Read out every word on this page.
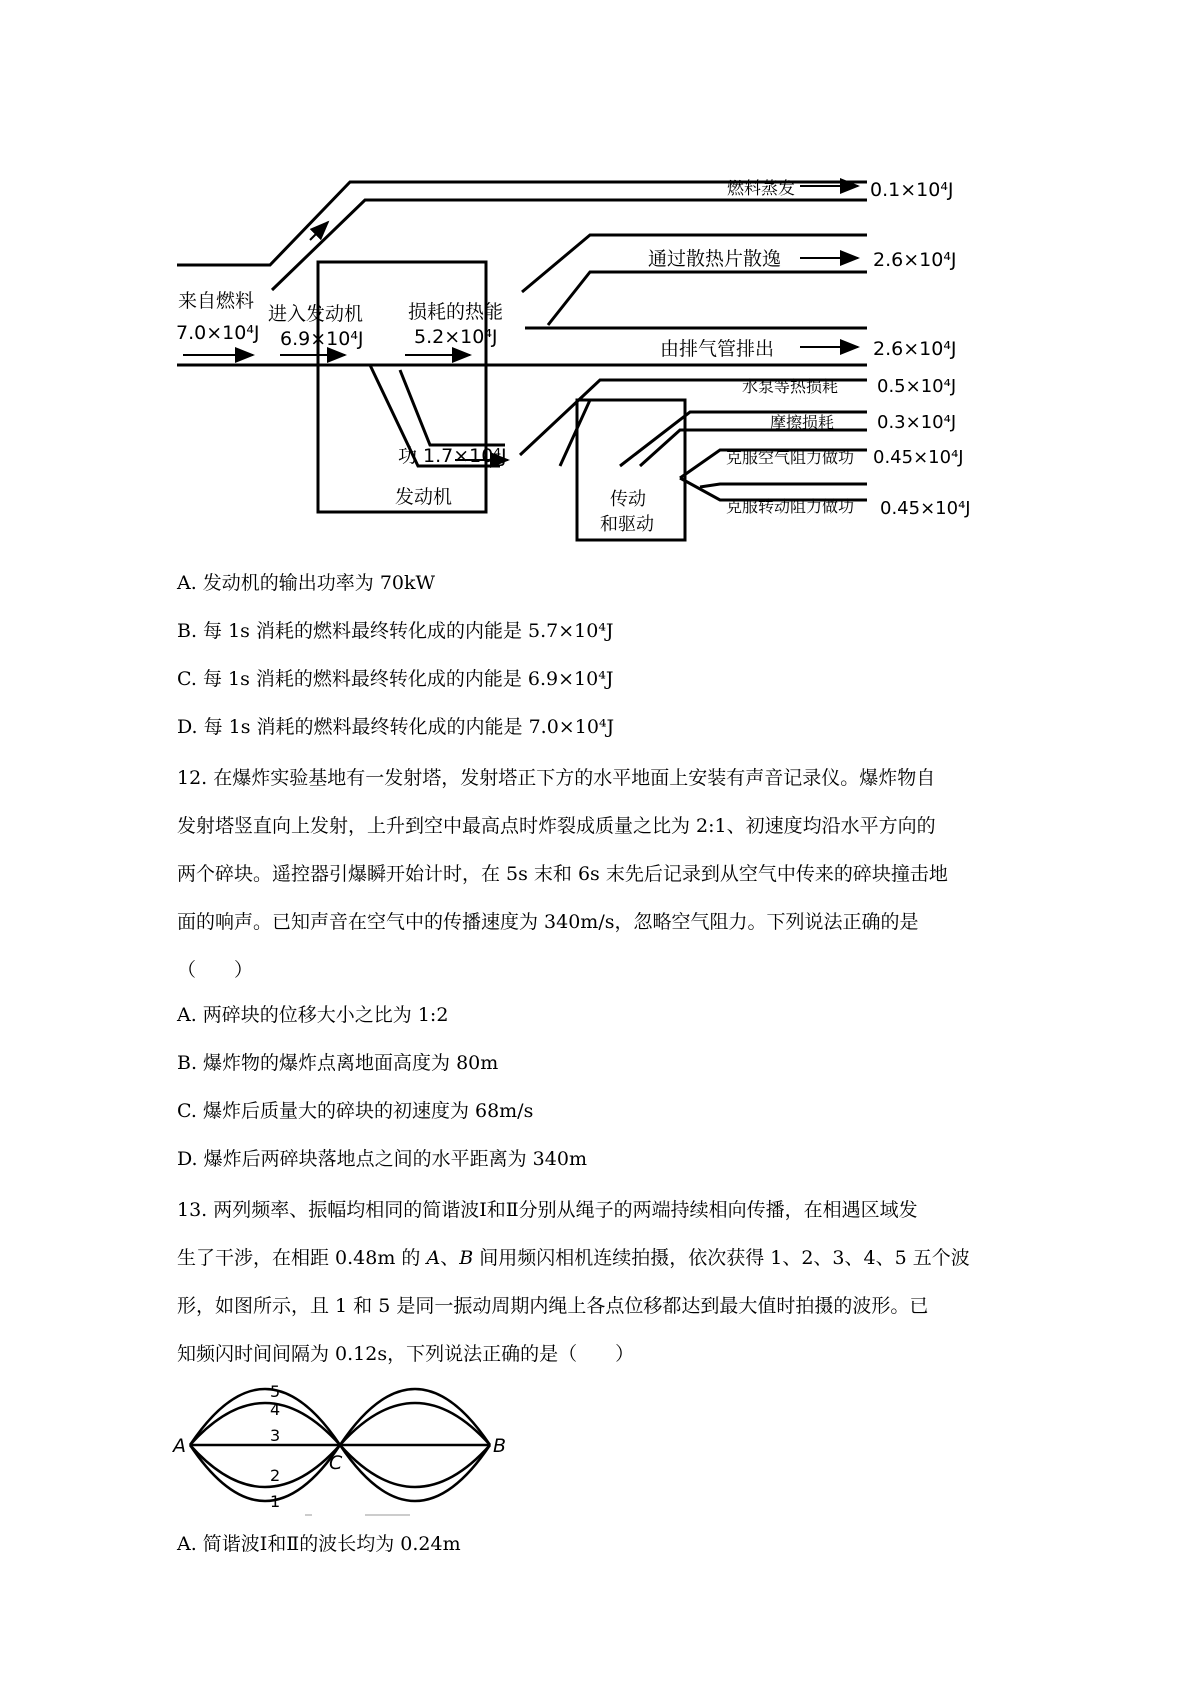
来自燃料
7.0×10⁴J
进入发动机
6.9×10⁴J
损耗的热能
5.2×10⁴J
功 1.7×10⁴J
发动机	传动
和驱动
燃料蒸发	0.1×10⁴J
通过散热片散逸	2.6×10⁴J
由排气管排出	2.6×10⁴J
水泵等热损耗 0.5×10⁴J
摩擦损耗 0.3×10⁴J
克服空气阻力做功 0.45×10⁴J
克服转动阻力做功 0.45×10⁴J
A. 发动机的输出功率为 70kW
B. 每 1s 消耗的燃料最终转化成的内能是 5.7×10⁴J
C. 每 1s 消耗的燃料最终转化成的内能是 6.9×10⁴J
D. 每 1s 消耗的燃料最终转化成的内能是 7.0×10⁴J
12. 在爆炸实验基地有一发射塔，发射塔正下方的水平地面上安装有声音记录仪。爆炸物自
发射塔竖直向上发射，上升到空中最高点时炸裂成质量之比为 2:1、初速度均沿水平方向的
两个碎块。遥控器引爆瞬开始计时，在 5s 末和 6s 末先后记录到从空气中传来的碎块撞击地
面的响声。已知声音在空气中的传播速度为 340m/s，忽略空气阻力。下列说法正确的是
（　　）
A. 两碎块的位移大小之比为 1:2
B. 爆炸物的爆炸点离地面高度为 80m
C. 爆炸后质量大的碎块的初速度为 68m/s
D. 爆炸后两碎块落地点之间的水平距离为 340m
13. 两列频率、振幅均相同的简谐波Ⅰ和Ⅱ分别从绳子的两端持续相向传播，在相遇区域发
生了干涉，在相距 0.48m 的 A、B 间用频闪相机连续拍摄，依次获得 1、2、3、4、5 五个波
形，如图所示，且 1 和 5 是同一振动周期内绳上各点位移都达到最大值时拍摄的波形。已
知频闪时间间隔为 0.12s，下列说法正确的是（　　）
A	B
C
5
4
3
2
1
A. 简谐波Ⅰ和Ⅱ的波长均为 0.24m
